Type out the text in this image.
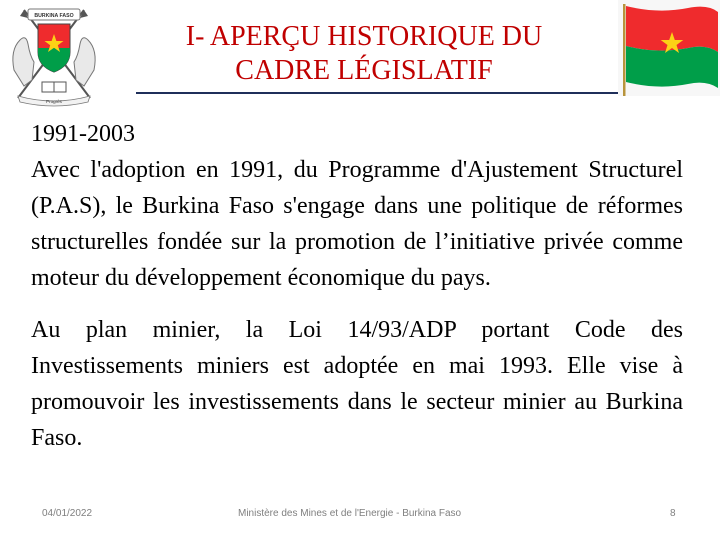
BURKINA FASO
Progrès
I- APERÇU HISTORIQUE DU
CADRE LÉGISLATIF

1991-2003

Avec l'adoption en 1991, du Programme d'Ajustement Structurel (P.A.S), le Burkina Faso s'engage dans une politique de réformes structurelles fondée sur la promotion de l’initiative privée comme moteur du développement économique du pays.

Au plan minier, la Loi 14/93/ADP portant Code des Investissements miniers est adoptée en mai 1993. Elle vise à promouvoir les investissements dans le secteur minier au Burkina Faso.

04/01/2022	Ministère des Mines et de l'Energie - Burkina Faso	8
